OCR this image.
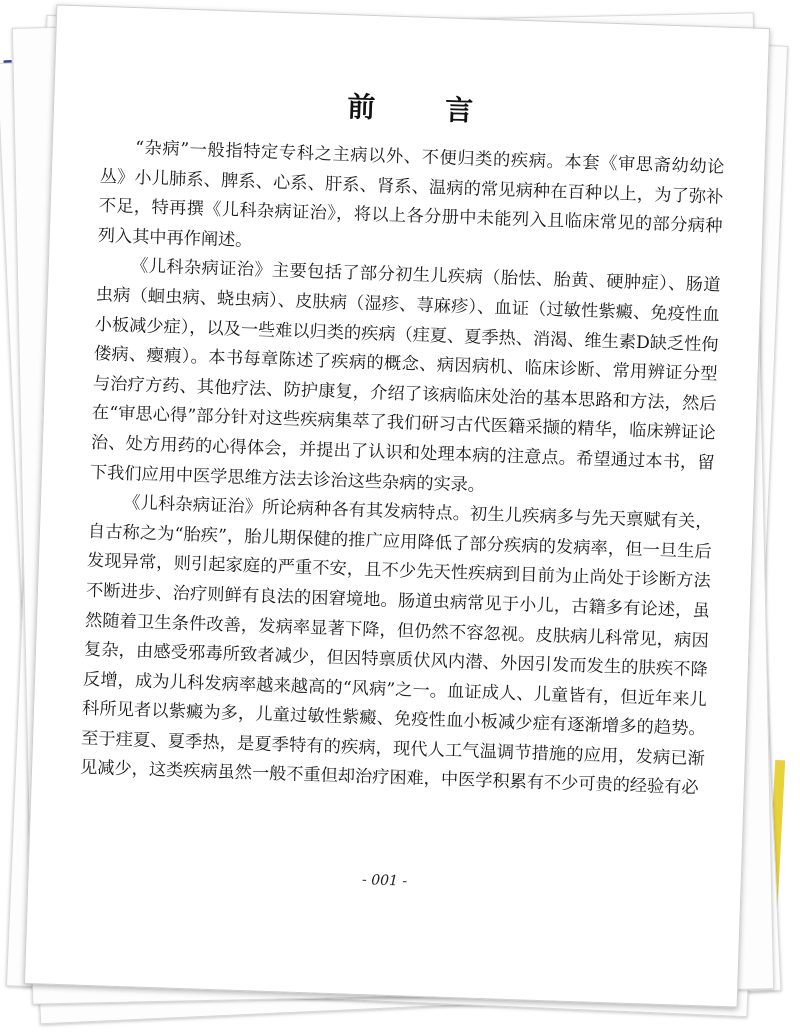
前 言

“杂病”一般指特定专科之主病以外、不便归类的疾病。本套《审思斋幼幼论丛》小儿肺系、脾系、心系、肝系、肾系、温病的常见病种在百种以上，为了弥补不足，特再撰《儿科杂病证治》，将以上各分册中未能列入且临床常见的部分病种列入其中再作阐述。

《儿科杂病证治》主要包括了部分初生儿疾病（胎怯、胎黄、硬肿症）、肠道虫病（蛔虫病、蛲虫病）、皮肤病（湿疹、荨麻疹）、血证（过敏性紫癜、免疫性血小板减少症），以及一些难以归类的疾病（疰夏、夏季热、消渴、维生素D缺乏性佝偻病、瘿瘕）。本书每章陈述了疾病的概念、病因病机、临床诊断、常用辨证分型与治疗方药、其他疗法、防护康复，介绍了该病临床处治的基本思路和方法，然后在“审思心得”部分针对这些疾病集萃了我们研习古代医籍采撷的精华，临床辨证论治、处方用药的心得体会，并提出了认识和处理本病的注意点。希望通过本书，留下我们应用中医学思维方法去诊治这些杂病的实录。

《儿科杂病证治》所论病种各有其发病特点。初生儿疾病多与先天禀赋有关，自古称之为“胎疾”，胎儿期保健的推广应用降低了部分疾病的发病率，但一旦生后发现异常，则引起家庭的严重不安，且不少先天性疾病到目前为止尚处于诊断方法不断进步、治疗则鲜有良法的困窘境地。肠道虫病常见于小儿，古籍多有论述，虽然随着卫生条件改善，发病率显著下降，但仍然不容忽视。皮肤病儿科常见，病因复杂，由感受邪毒所致者减少，但因特禀质伏风内潜、外因引发而发生的肤疾不降反增，成为儿科发病率越来越高的“风病”之一。血证成人、儿童皆有，但近年来儿科所见者以紫癜为多，儿童过敏性紫癜、免疫性血小板减少症有逐渐增多的趋势。至于疰夏、夏季热，是夏季特有的疾病，现代人工气温调节措施的应用，发病已渐见减少，这类疾病虽然一般不重但却治疗困难，中医学积累有不少可贵的经验有必

- 001 -
